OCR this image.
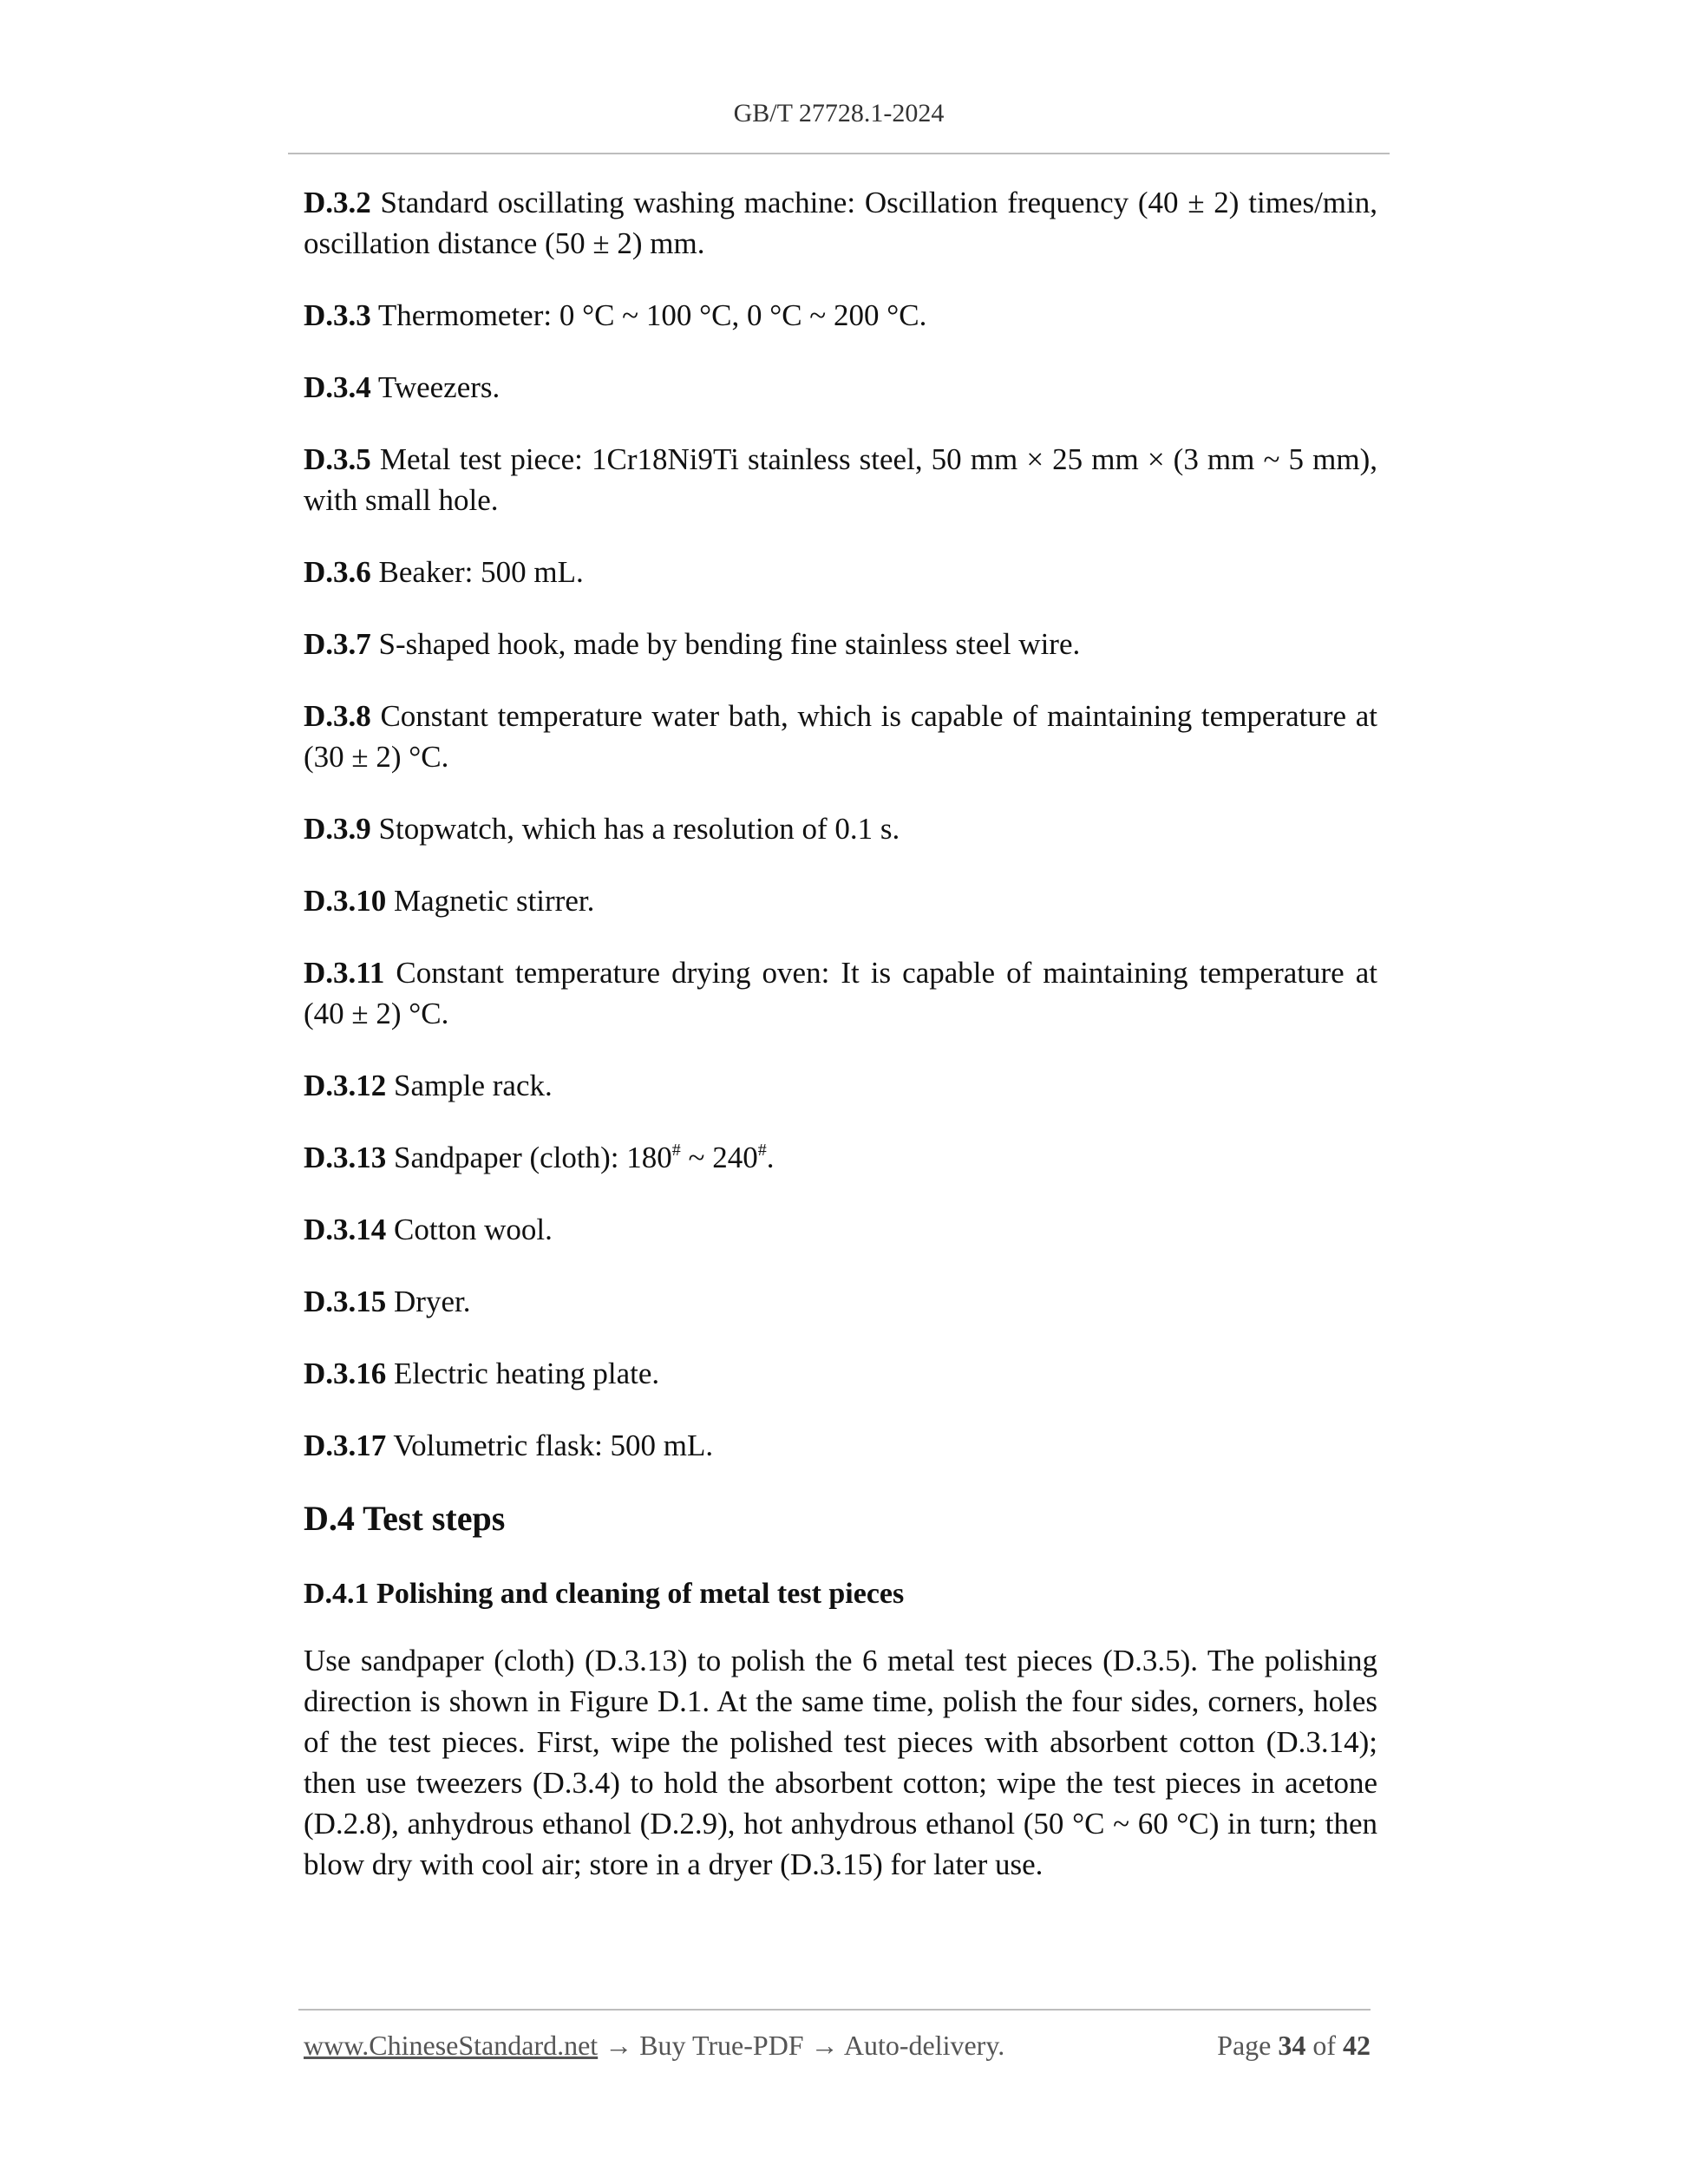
GB/T 27728.1-2024

D.3.2 Standard oscillating washing machine: Oscillation frequency (40 ± 2) times/min, oscillation distance (50 ± 2) mm.

D.3.3 Thermometer: 0 °C ~ 100 °C, 0 °C ~ 200 °C.

D.3.4 Tweezers.

D.3.5 Metal test piece: 1Cr18Ni9Ti stainless steel, 50 mm × 25 mm × (3 mm ~ 5 mm), with small hole.

D.3.6 Beaker: 500 mL.

D.3.7 S-shaped hook, made by bending fine stainless steel wire.

D.3.8 Constant temperature water bath, which is capable of maintaining temperature at (30 ± 2) °C.

D.3.9 Stopwatch, which has a resolution of 0.1 s.

D.3.10 Magnetic stirrer.

D.3.11 Constant temperature drying oven: It is capable of maintaining temperature at (40 ± 2) °C.

D.3.12 Sample rack.

D.3.13 Sandpaper (cloth): 180# ~ 240#.

D.3.14 Cotton wool.

D.3.15 Dryer.

D.3.16 Electric heating plate.

D.3.17 Volumetric flask: 500 mL.

D.4 Test steps
D.4.1 Polishing and cleaning of metal test pieces

Use sandpaper (cloth) (D.3.13) to polish the 6 metal test pieces (D.3.5). The polishing direction is shown in Figure D.1. At the same time, polish the four sides, corners, holes of the test pieces. First, wipe the polished test pieces with absorbent cotton (D.3.14); then use tweezers (D.3.4) to hold the absorbent cotton; wipe the test pieces in acetone (D.2.8), anhydrous ethanol (D.2.9), hot anhydrous ethanol (50 °C ~ 60 °C) in turn; then blow dry with cool air; store in a dryer (D.3.15) for later use.

www.ChineseStandard.net → Buy True-PDF → Auto-delivery.	Page 34 of 42
